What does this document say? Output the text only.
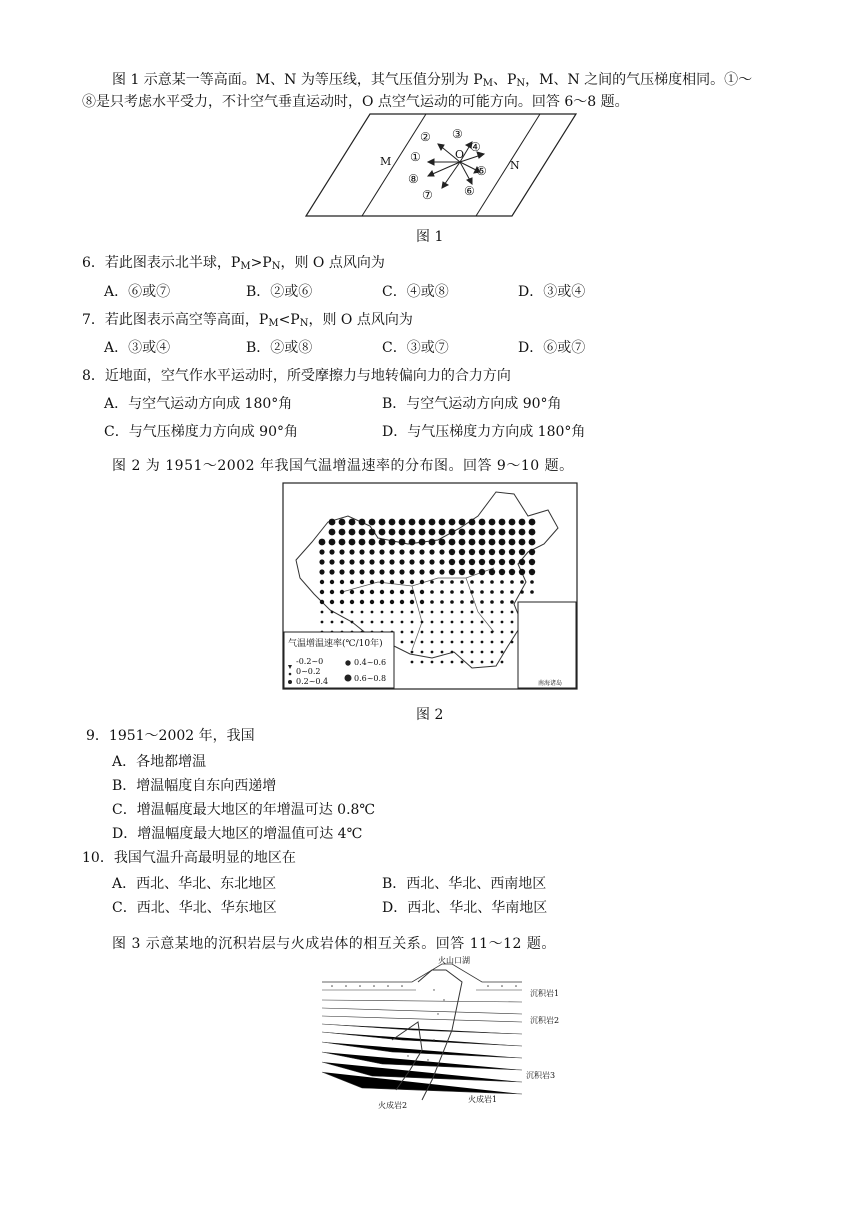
图 1 示意某一等高面。M、N 为等压线，其气压值分别为 $P_M$、$P_N$，M、N 之间的气压梯度相同。①～
⑧是只考虑水平受力，不计空气垂直运动时，O 点空气运动的可能方向。回答 6～8 题。
M	N
O
①
② ③
④
⑤
⑥
⑦
⑧
图 1
6．若此图表示北半球，$P_M>P_N$，则 O 点风向为
A．⑥或⑦	B．②或⑥	C．④或⑧	D．③或④
7．若此图表示高空等高面，$P_M<P_N$，则 O 点风向为
A．③或④	B．②或⑧	C．③或⑦	D．⑥或⑦
8．近地面，空气作水平运动时，所受摩擦力与地转偏向力的合力方向
A．与空气运动方向成 180°角	B．与空气运动方向成 90°角
C．与气压梯度力方向成 90°角	D．与气压梯度力方向成 180°角
图 2 为 1951～2002 年我国气温增温速率的分布图。回答 9～10 题。
气温增温速率(℃/10年)
-0.2~0
0~0.2
0.2~0.4
0.4~0.6
0.6~0.8
南海诸岛
图 2
9．1951～2002 年，我国
A．各地都增温
B．增温幅度自东向西递增
C．增温幅度最大地区的年增温可达 0.8℃
D．增温幅度最大地区的增温值可达 4℃
10．我国气温升高最明显的地区在
A．西北、华北、东北地区	B．西北、华北、西南地区
C．西北、华北、华东地区	D．西北、华北、华南地区
图 3 示意某地的沉积岩层与火成岩体的相互关系。回答 11～12 题。
火山口湖
沉积岩1
沉积岩2
沉积岩3
火成岩1
火成岩2
